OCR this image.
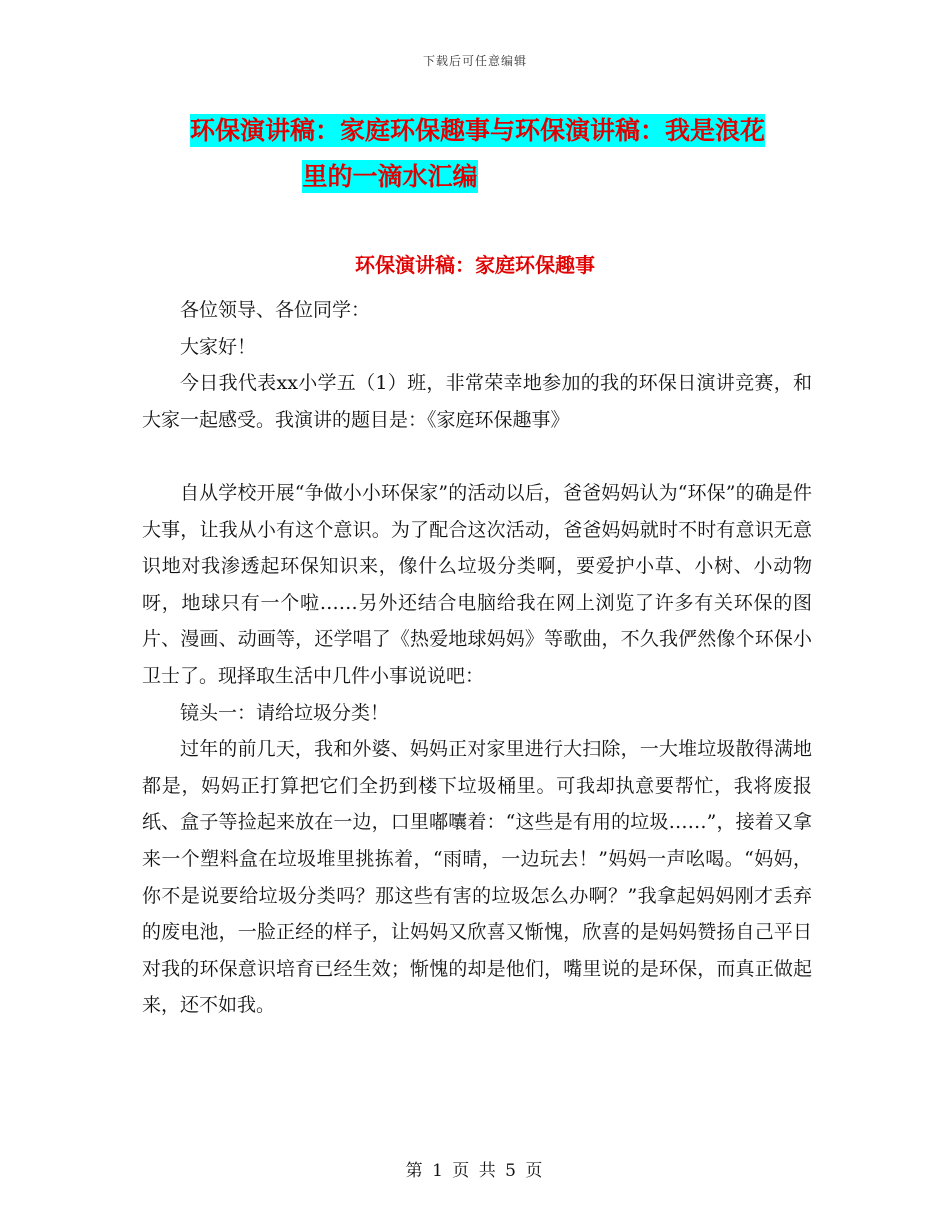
下载后可任意编辑
环保演讲稿：家庭环保趣事与环保演讲稿：我是浪花

里的一滴水汇编
环保演讲稿：家庭环保趣事

各位领导、各位同学：

大家好！

今日我代表xx小学五（1）班，非常荣幸地参加的我的环保日演讲竞赛，和大家一起感受。我演讲的题目是：《家庭环保趣事》

自从学校开展“争做小小环保家”的活动以后，爸爸妈妈认为“环保”的确是件大事，让我从小有这个意识。为了配合这次活动，爸爸妈妈就时不时有意识无意识地对我渗透起环保知识来，像什么垃圾分类啊，要爱护小草、小树、小动物呀，地球只有一个啦……另外还结合电脑给我在网上浏览了许多有关环保的图片、漫画、动画等，还学唱了《热爱地球妈妈》等歌曲，不久我俨然像个环保小卫士了。现择取生活中几件小事说说吧：

镜头一：请给垃圾分类！

过年的前几天，我和外婆、妈妈正对家里进行大扫除，一大堆垃圾散得满地都是，妈妈正打算把它们全扔到楼下垃圾桶里。可我却执意要帮忙，我将废报纸、盒子等捡起来放在一边，口里嘟囔着：“这些是有用的垃圾……”，接着又拿来一个塑料盒在垃圾堆里挑拣着，“雨晴，一边玩去！”妈妈一声吆喝。“妈妈，你不是说要给垃圾分类吗？那这些有害的垃圾怎么办啊？”我拿起妈妈刚才丢弃的废电池，一脸正经的样子，让妈妈又欣喜又惭愧，欣喜的是妈妈赞扬自己平日对我的环保意识培育已经生效；惭愧的却是他们，嘴里说的是环保，而真正做起来，还不如我。

第 1 页 共 5 页
